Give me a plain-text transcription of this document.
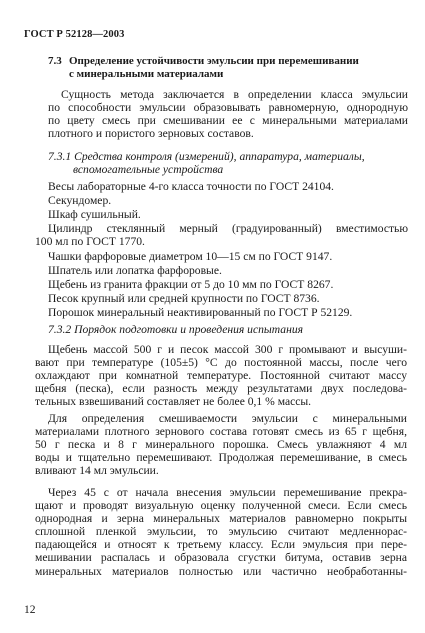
ГОСТ Р 52128—2003
7.3 Определение устойчивости эмульсии при перемешивании
с минеральными материалами
Сущность метода заключается в определении класса эмульсии
по способности эмульсии образовывать равномерную, однородную
по цвету смесь при смешивании ее с минеральными материалами
плотного и пористого зерновых составов.
7.3.1 Средства контроля (измерений), аппаратура, материалы,
вспомогательные устройства
Весы лабораторные 4-го класса точности по ГОСТ 24104.
Секундомер.
Шкаф сушильный.
Цилиндр стеклянный мерный (градуированный) вместимостью
100 мл по ГОСТ 1770.
Чашки фарфоровые диаметром 10—15 см по ГОСТ 9147.
Шпатель или лопатка фарфоровые.
Щебень из гранита фракции от 5 до 10 мм по ГОСТ 8267.
Песок крупный или средней крупности по ГОСТ 8736.
Порошок минеральный неактивированный по ГОСТ Р 52129.
7.3.2 Порядок подготовки и проведения испытания
Щебень массой 500 г и песок массой 300 г промывают и высуши-
вают при температуре (105±5) °С до постоянной массы, после чего
охлаждают при комнатной температуре. Постоянной считают массу
щебня (песка), если разность между результатами двух последова-
тельных взвешиваний составляет не более 0,1 % массы.
Для определения смешиваемости эмульсии с минеральными
материалами плотного зернового состава готовят смесь из 65 г щебня,
50 г песка и 8 г минерального порошка. Смесь увлажняют 4 мл
воды и тщательно перемешивают. Продолжая перемешивание, в смесь
вливают 14 мл эмульсии.
Через 45 с от начала внесения эмульсии перемешивание прекра-
щают и проводят визуальную оценку полученной смеси. Если смесь
однородная и зерна минеральных материалов равномерно покрыты
сплошной пленкой эмульсии, то эмульсию считают медленнорас-
падающейся и относят к третьему классу. Если эмульсия при пере-
мешивании распалась и образовала сгустки битума, оставив зерна
минеральных материалов полностью или частично необработанны-
12
